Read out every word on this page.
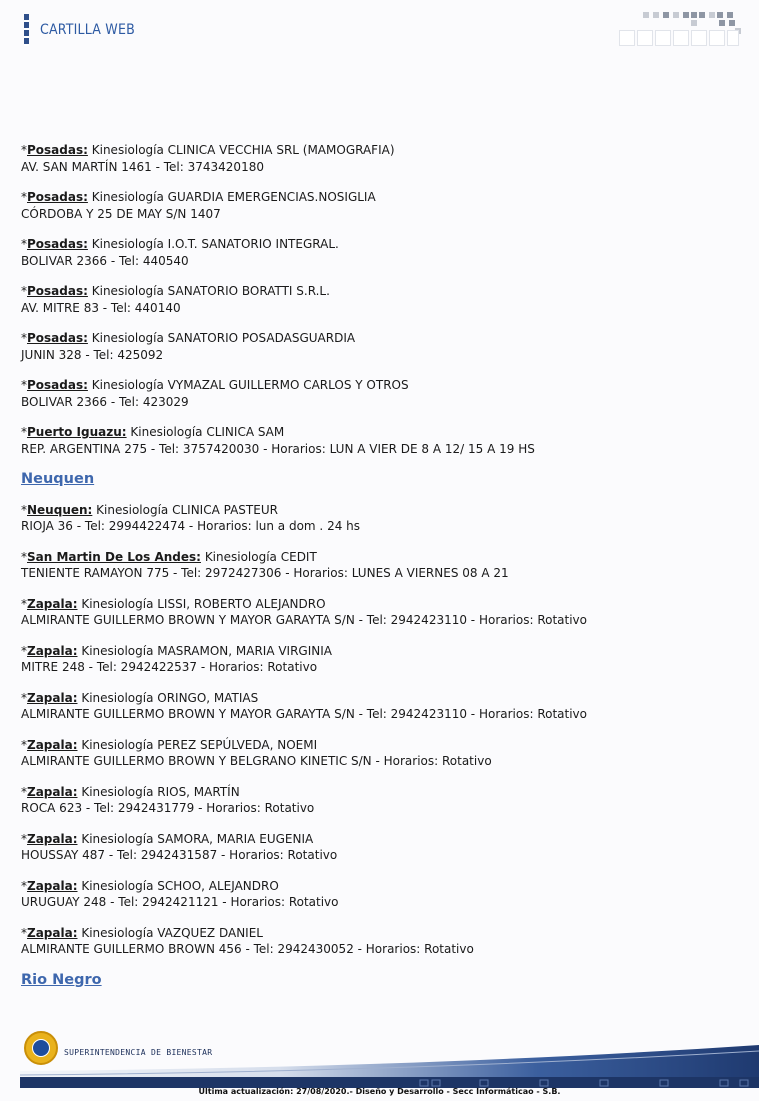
CARTILLA WEB
*Posadas: Kinesiología CLINICA VECCHIA SRL (MAMOGRAFIA)
AV. SAN MARTÍN 1461 - Tel: 3743420180
*Posadas: Kinesiología GUARDIA EMERGENCIAS.NOSIGLIA
CÓRDOBA Y 25 DE MAY S/N 1407
*Posadas: Kinesiología I.O.T. SANATORIO INTEGRAL.
BOLIVAR 2366 - Tel: 440540
*Posadas: Kinesiología SANATORIO BORATTI S.R.L.
AV. MITRE 83 - Tel: 440140
*Posadas: Kinesiología SANATORIO POSADASGUARDIA
JUNIN 328 - Tel: 425092
*Posadas: Kinesiología VYMAZAL GUILLERMO CARLOS Y OTROS
BOLIVAR 2366 - Tel: 423029
*Puerto Iguazu: Kinesiología CLINICA SAM
REP. ARGENTINA 275 - Tel: 3757420030 - Horarios: LUN A VIER DE 8 A 12/ 15 A 19 HS
Neuquen
*Neuquen: Kinesiología CLINICA PASTEUR
RIOJA 36 - Tel: 2994422474 - Horarios: lun a dom . 24 hs
*San Martin De Los Andes: Kinesiología CEDIT
TENIENTE RAMAYON 775 - Tel: 2972427306 - Horarios: LUNES A VIERNES 08 A 21
*Zapala: Kinesiología LISSI, ROBERTO ALEJANDRO
ALMIRANTE GUILLERMO BROWN Y MAYOR GARAYTA S/N - Tel: 2942423110 - Horarios: Rotativo
*Zapala: Kinesiología MASRAMON, MARIA VIRGINIA
MITRE 248 - Tel: 2942422537 - Horarios: Rotativo
*Zapala: Kinesiología ORINGO, MATIAS
ALMIRANTE GUILLERMO BROWN Y MAYOR GARAYTA S/N - Tel: 2942423110 - Horarios: Rotativo
*Zapala: Kinesiología PEREZ SEPÚLVEDA, NOEMI
ALMIRANTE GUILLERMO BROWN Y BELGRANO KINETIC S/N - Horarios: Rotativo
*Zapala: Kinesiología RIOS, MARTÍN
ROCA 623 - Tel: 2942431779 - Horarios: Rotativo
*Zapala: Kinesiología SAMORA, MARIA EUGENIA
HOUSSAY 487 - Tel: 2942431587 - Horarios: Rotativo
*Zapala: Kinesiología SCHOO, ALEJANDRO
URUGUAY 248 - Tel: 2942421121 - Horarios: Rotativo
*Zapala: Kinesiología VAZQUEZ DANIEL
ALMIRANTE GUILLERMO BROWN 456 - Tel: 2942430052 - Horarios: Rotativo
Rio Negro
SUPERINTENDENCIA DE BIENESTAR
Ultima actualización: 27/08/2020.- Diseño y Desarrollo - Secc Informáticao - S.B.
